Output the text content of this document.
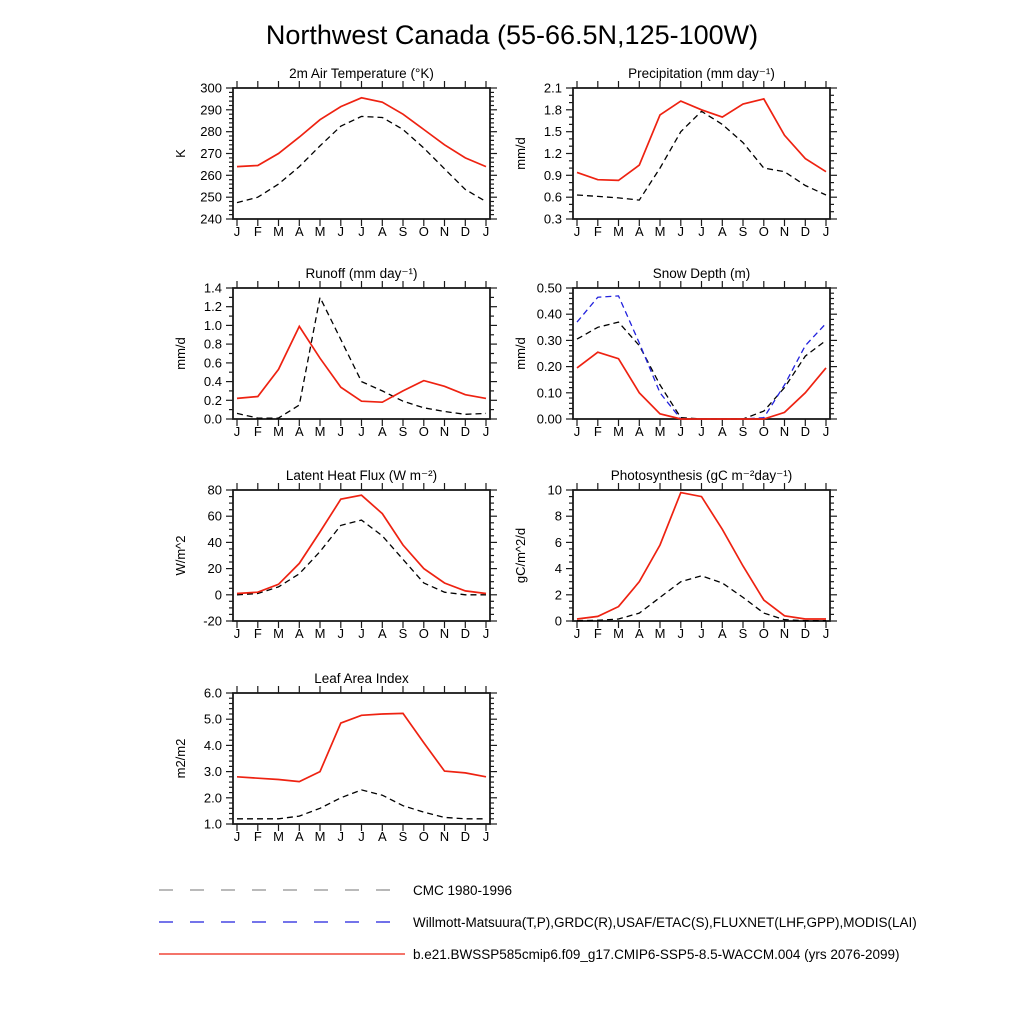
Northwest Canada (55-66.5N,125-100W)
2m Air Temperature (°K)
240
250
260
270
280
290
300
J F M A M J J A S O N D J
K
Precipitation (mm day⁻¹)
0.3
0.6
0.9
1.2
1.5
1.8
2.1
J F M A M J J A S O N D J
mm/d
Runoff (mm day⁻¹)
0.0
0.2
0.4
0.6
0.8
1.0
1.2
1.4
J F M A M J J A S O N D J
mm/d
Snow Depth (m)
0.00
0.10
0.20
0.30
0.40
0.50
J F M A M J J A S O N D J
mm/d
Latent Heat Flux (W m⁻²)
-20
0
20
40
60
80
J F M A M J J A S O N D J
W/m^2
Photosynthesis (gC m⁻²day⁻¹)
0
2
4
6
8
10
J F M A M J J A S O N D J
gC/m^2/d
Leaf Area Index
1.0
2.0
3.0
4.0
5.0
6.0
J F M A M J J A S O N D J
m2/m2
CMC 1980-1996
Willmott-Matsuura(T,P),GRDC(R),USAF/ETAC(S),FLUXNET(LHF,GPP),MODIS(LAI)
b.e21.BWSSP585cmip6.f09_g17.CMIP6-SSP5-8.5-WACCM.004 (yrs 2076-2099)
